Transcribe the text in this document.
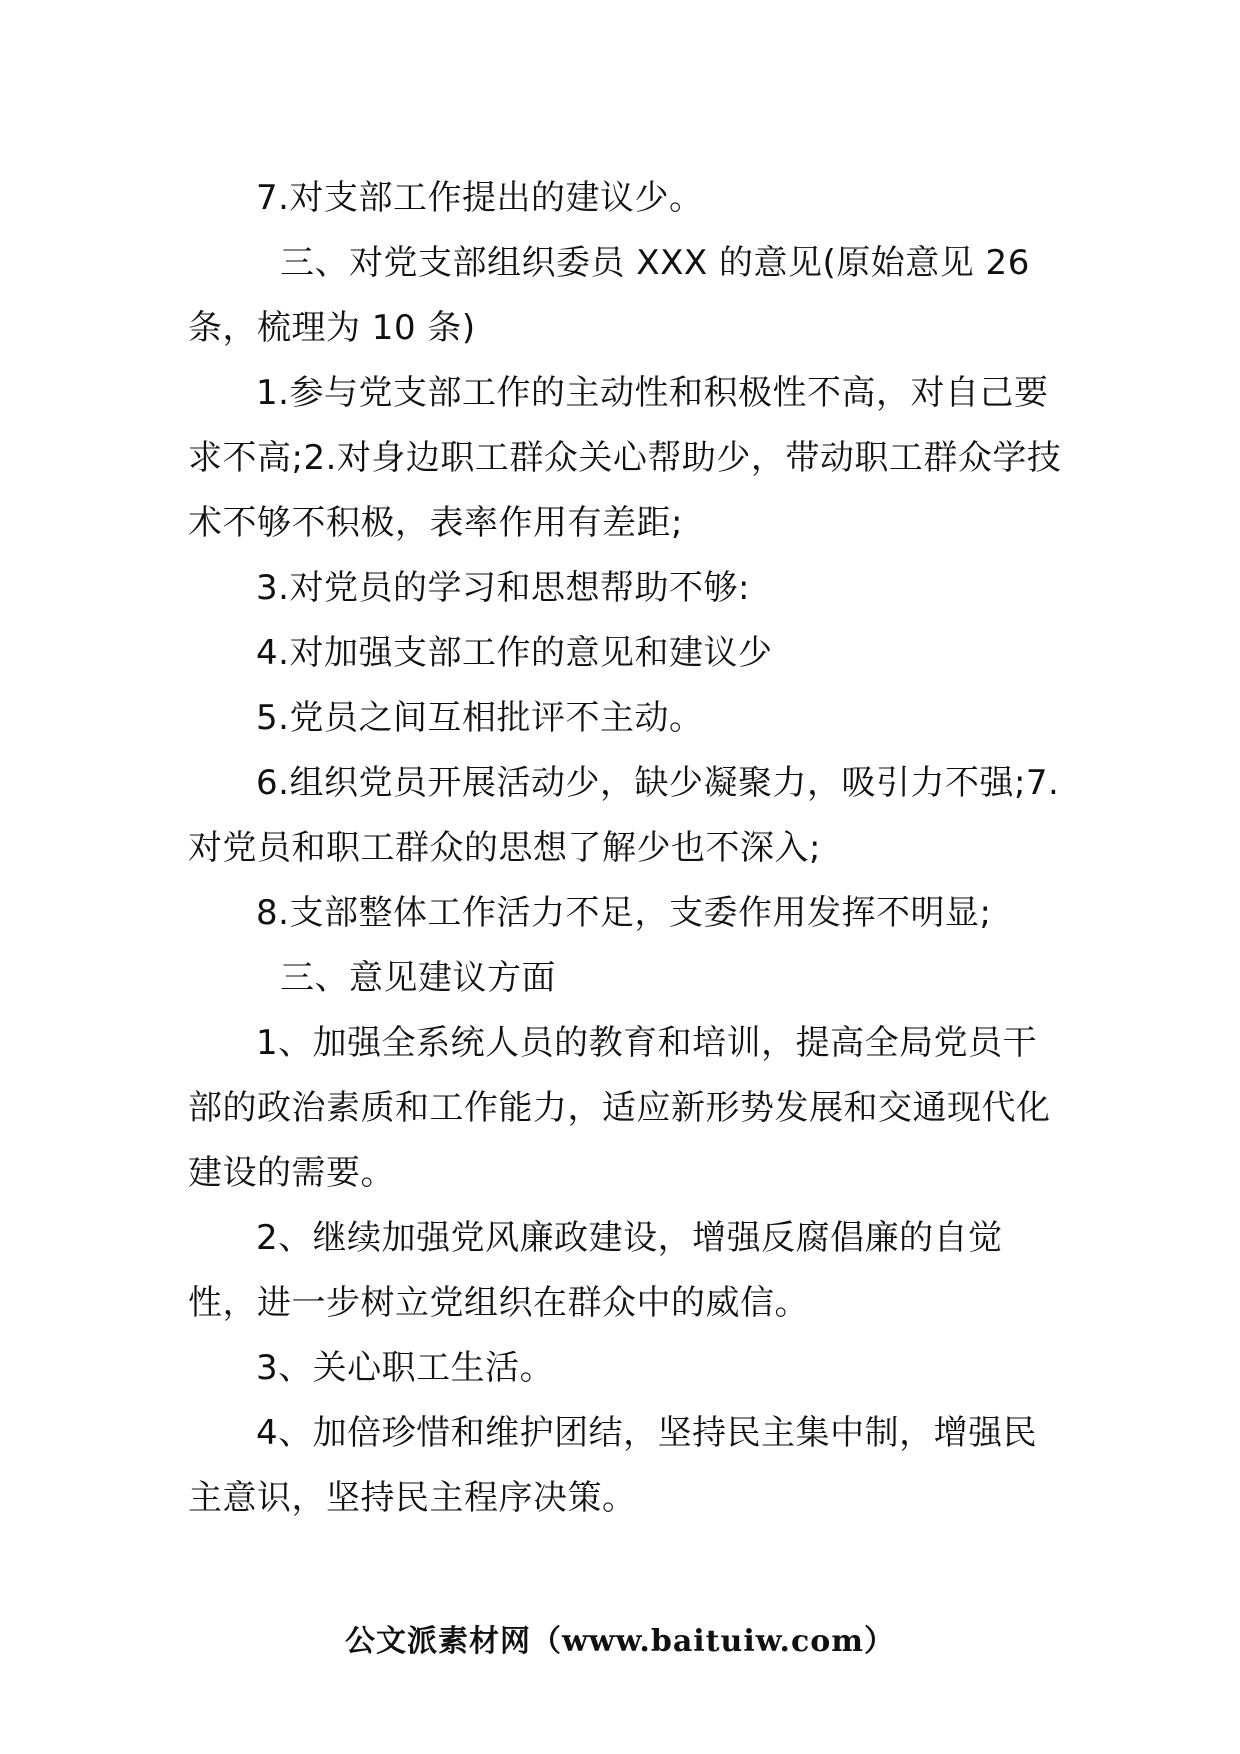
7.对支部工作提出的建议少。

三、对党支部组织委员 XXX 的意见(原始意见 26 条，梳理为 10 条)

1.参与党支部工作的主动性和积极性不高，对自己要求不高;2.对身边职工群众关心帮助少，带动职工群众学技术不够不积极，表率作用有差距;

3.对党员的学习和思想帮助不够:

4.对加强支部工作的意见和建议少

5.党员之间互相批评不主动。

6.组织党员开展活动少，缺少凝聚力，吸引力不强;7.对党员和职工群众的思想了解少也不深入;

8.支部整体工作活力不足，支委作用发挥不明显;

三、意见建议方面

1、加强全系统人员的教育和培训，提高全局党员干部的政治素质和工作能力，适应新形势发展和交通现代化建设的需要。

2、继续加强党风廉政建设，增强反腐倡廉的自觉性，进一步树立党组织在群众中的威信。

3、关心职工生活。

4、加倍珍惜和维护团结，坚持民主集中制，增强民主意识，坚持民主程序决策。

公文派素材网（www.baituiw.com）
